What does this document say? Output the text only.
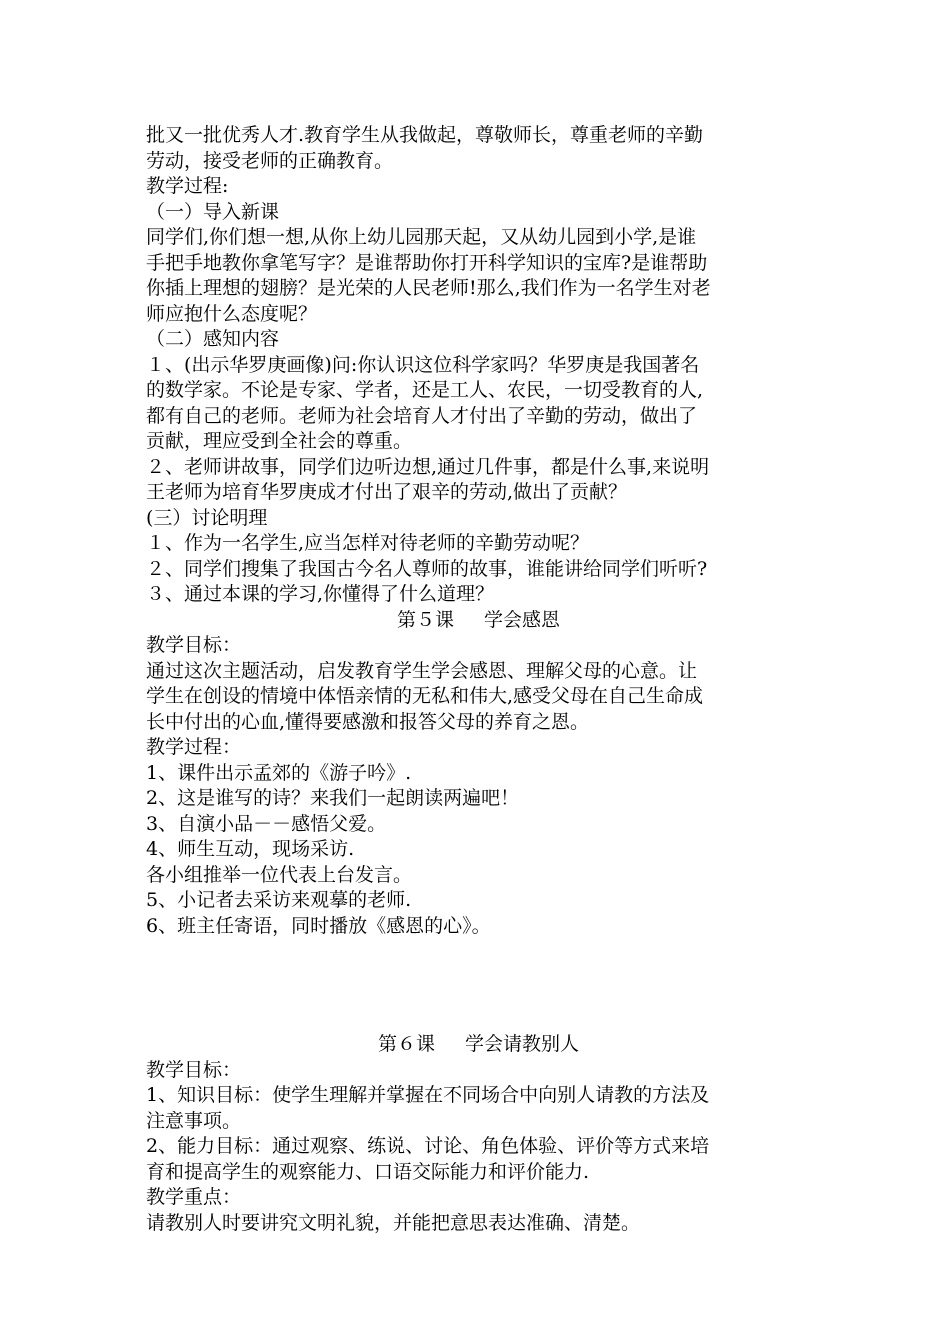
批又一批优秀人才.教育学生从我做起，尊敬师长，尊重老师的辛勤
劳动，接受老师的正确教育。
教学过程:
（一）导入新课
同学们,你们想一想,从你上幼儿园那天起，又从幼儿园到小学,是谁
手把手地教你拿笔写字？是谁帮助你打开科学知识的宝库?是谁帮助
你插上理想的翅膀？是光荣的人民老师!那么,我们作为一名学生对老
师应抱什么态度呢？
（二）感知内容
１、(出示华罗庚画像)问:你认识这位科学家吗？华罗庚是我国著名
的数学家。不论是专家、学者，还是工人、农民，一切受教育的人,
都有自己的老师。老师为社会培育人才付出了辛勤的劳动，做出了
贡献，理应受到全社会的尊重。
２、老师讲故事，同学们边听边想,通过几件事，都是什么事,来说明
王老师为培育华罗庚成才付出了艰辛的劳动,做出了贡献？
(三）讨论明理
１、作为一名学生,应当怎样对待老师的辛勤劳动呢？
２、同学们搜集了我国古今名人尊师的故事，谁能讲给同学们听听?
３、通过本课的学习,你懂得了什么道理？
第５课 学会感恩
教学目标：
通过这次主题活动，启发教育学生学会感恩、理解父母的心意。让
学生在创设的情境中体悟亲情的无私和伟大,感受父母在自己生命成
长中付出的心血,懂得要感激和报答父母的养育之恩。
教学过程：
1、课件出示孟郊的《游子吟》.
2、这是谁写的诗？来我们一起朗读两遍吧！
3、自演小品－－感悟父爱。
4、师生互动，现场采访.
各小组推举一位代表上台发言。
5、小记者去采访来观摹的老师.
6、班主任寄语，同时播放《感恩的心》。
第６课 学会请教别人
教学目标：
1、知识目标：使学生理解并掌握在不同场合中向别人请教的方法及
注意事项。
2、能力目标：通过观察、练说、讨论、角色体验、评价等方式来培
育和提高学生的观察能力、口语交际能力和评价能力.
教学重点：
请教别人时要讲究文明礼貌，并能把意思表达准确、清楚。
